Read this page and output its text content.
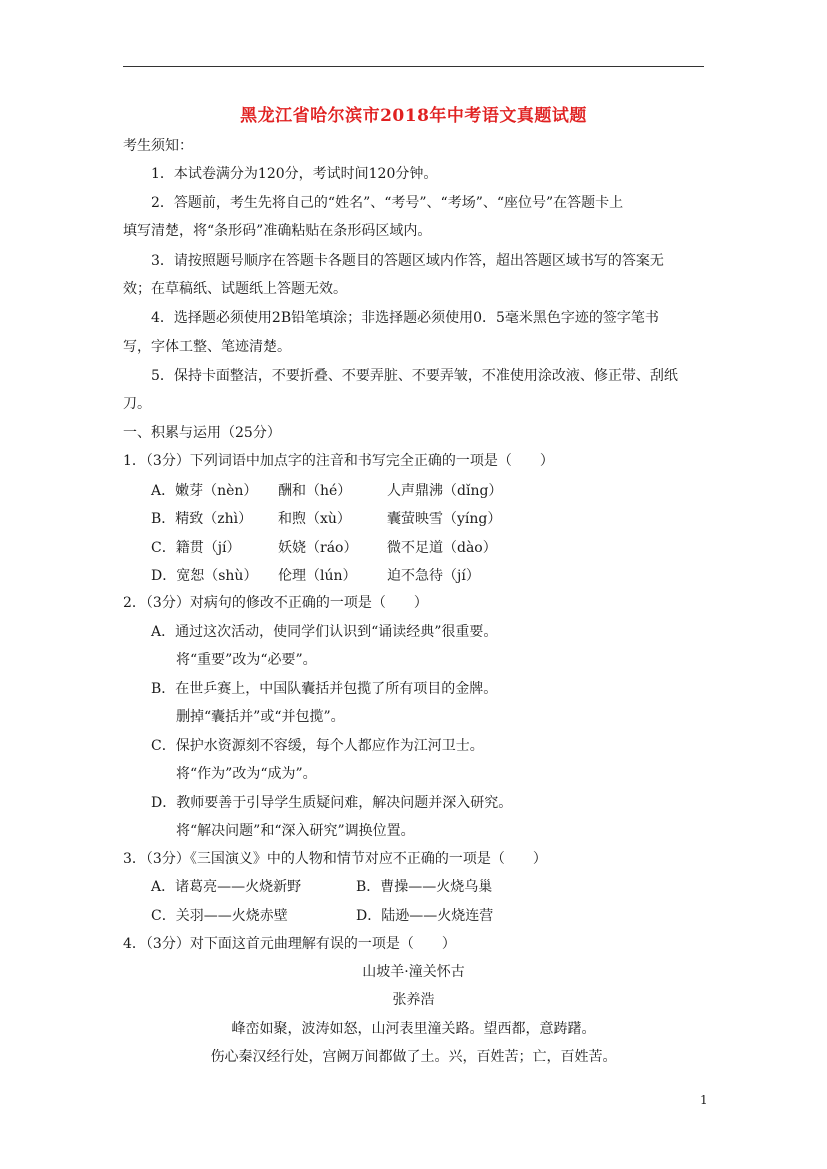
黑龙江省哈尔滨市2018年中考语文真题试题
考生须知：
1．本试卷满分为120分，考试时间120分钟。
2．答题前，考生先将自己的“姓名”、“考号”、“考场”、“座位号”在答题卡上
填写清楚，将“条形码”准确粘贴在条形码区域内。
3．请按照题号顺序在答题卡各题目的答题区域内作答，超出答题区域书写的答案无
效；在草稿纸、试题纸上答题无效。
4．选择题必须使用2B铅笔填涂；非选择题必须使用0．5毫米黑色字迹的签字笔书
写，字体工整、笔迹清楚。
5．保持卡面整洁，不要折叠、不要弄脏、不要弄皱，不准使用涂改液、修正带、刮纸
刀。
一、积累与运用（25分）
1．（3分）下列词语中加点字的注音和书写完全正确的一项是（　　）
A．嫩芽（nèn） 酬和（hé）	人声鼎沸（dǐng）
B．精致（zhì） 和煦（xù）	囊萤映雪（yíng）
C．籍贯（jí）	妖娆（ráo） 微不足道（dào）
D．宽恕（shù） 伦理（lún） 迫不急待（jí）
2．（3分）对病句的修改不正确的一项是（　　）
A．通过这次活动，使同学们认识到“诵读经典”很重要。
将“重要”改为“必要”。
B．在世乒赛上，中国队囊括并包揽了所有项目的金牌。
删掉“囊括并”或“并包揽”。
C．保护水资源刻不容缓，每个人都应作为江河卫士。
将“作为”改为“成为”。
D．教师要善于引导学生质疑问难，解决问题并深入研究。
将“解决问题”和“深入研究”调换位置。
3．（3分）《三国演义》中的人物和情节对应不正确的一项是（　　）
A．诸葛亮——火烧新野	B．曹操——火烧乌巢
C．关羽——火烧赤壁	D．陆逊——火烧连营
4．（3分）对下面这首元曲理解有误的一项是（　　）
山坡羊·潼关怀古
张养浩
峰峦如聚，波涛如怒，山河表里潼关路。望西都，意踌躇。
伤心秦汉经行处，宫阙万间都做了土。兴，百姓苦；亡，百姓苦。
1
